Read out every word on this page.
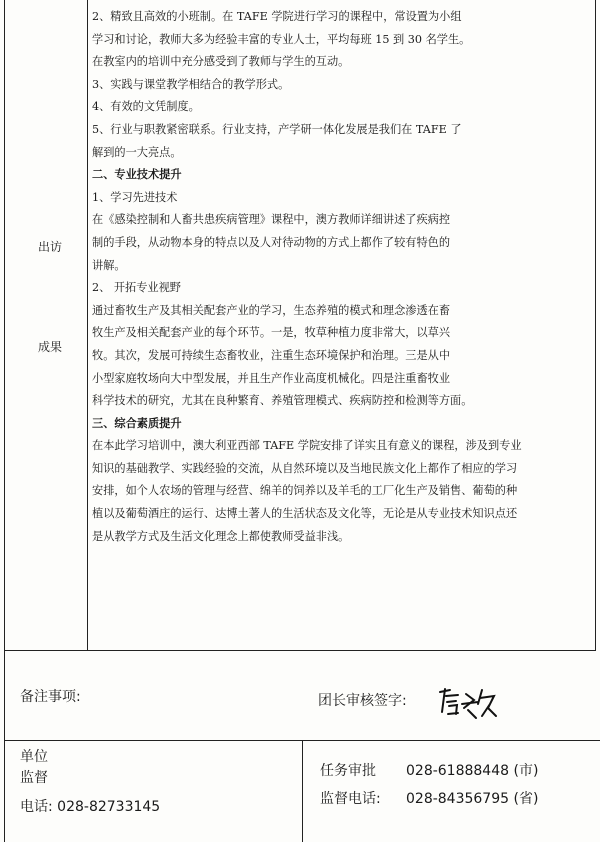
出访
成果

2、精致且高效的小班制。在 TAFE 学院进行学习的课程中，常设置为小组

学习和讨论，教师大多为经验丰富的专业人士，平均每班 15 到 30 名学生。

在教室内的培训中充分感受到了教师与学生的互动。

3、实践与课堂教学相结合的教学形式。

4、有效的文凭制度。

5、行业与职教紧密联系。行业支持，产学研一体化发展是我们在 TAFE 了

解到的一大亮点。

二、专业技术提升

1、学习先进技术

在《感染控制和人畜共患疾病管理》课程中，澳方教师详细讲述了疾病控

制的手段，从动物本身的特点以及人对待动物的方式上都作了较有特色的

讲解。

2、 开拓专业视野

通过畜牧生产及其相关配套产业的学习，生态养殖的模式和理念渗透在畜

牧生产及相关配套产业的每个环节。一是，牧草种植力度非常大，以草兴

牧。其次，发展可持续生态畜牧业，注重生态环境保护和治理。三是从中

小型家庭牧场向大中型发展，并且生产作业高度机械化。四是注重畜牧业

科学技术的研究，尤其在良种繁育、养殖管理模式、疾病防控和检测等方面。

三、综合素质提升

在本此学习培训中，澳大利亚西部 TAFE 学院安排了详实且有意义的课程，涉及到专业

知识的基础教学、实践经验的交流，从自然环境以及当地民族文化上都作了相应的学习

安排，如个人农场的管理与经营、绵羊的饲养以及羊毛的工厂化生产及销售、葡萄的种

植以及葡萄酒庄的运行、达博土著人的生活状态及文化等，无论是从专业技术知识点还

是从教学方式及生活文化理念上都使教师受益非浅。

备注事项:	团长审核签字:
单位
监督
电话: 028-82733145
任务审批 028-61888448 (市)
监督电话: 028-84356795 (省)
